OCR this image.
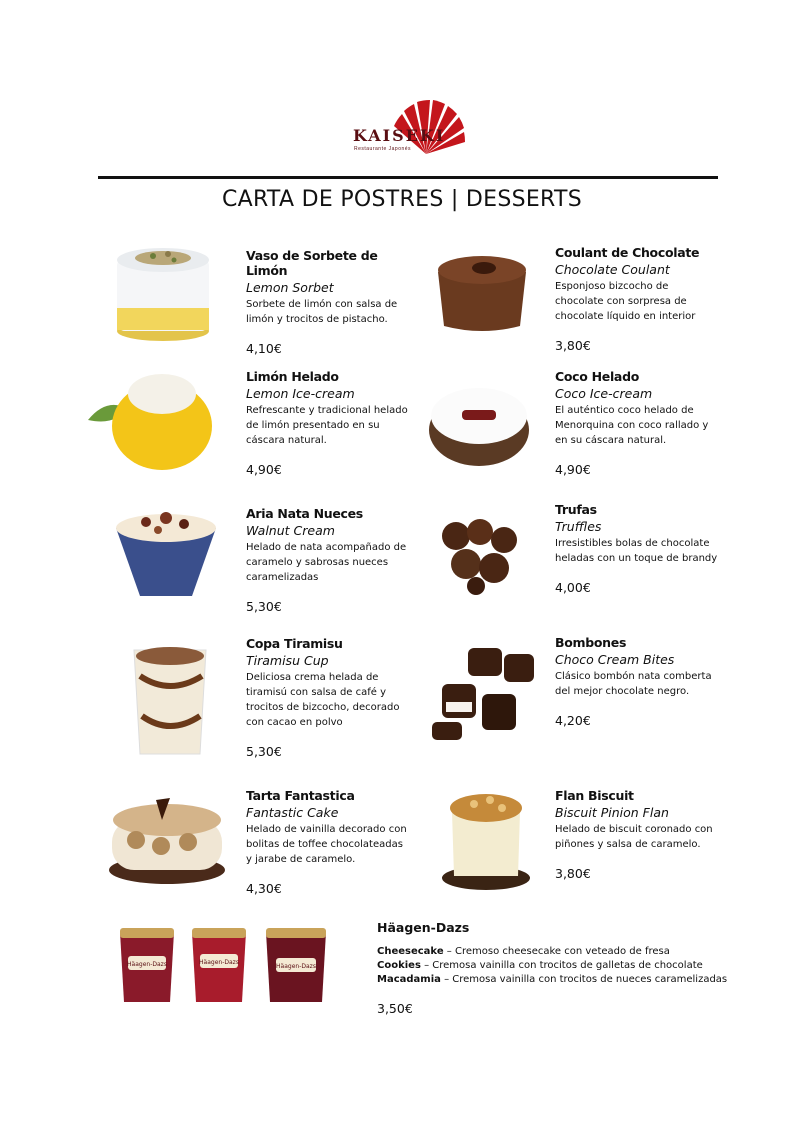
KAISEKI
Restaurante Japonés
CARTA DE POSTRES | DESSERTS
Häagen-Dazs	Häagen-Dazs
Häagen-Dazs
Vaso de Sorbete de Limón
Lemon Sorbet
Sorbete de limón con salsa de limón y trocitos de pistacho.
4,10€
Coulant de Chocolate
Chocolate Coulant
Esponjoso bizcocho de chocolate con sorpresa de chocolate líquido en interior
3,80€
Limón Helado
Lemon Ice-cream
Refrescante y tradicional helado de limón presentado en su cáscara natural.
4,90€
Coco Helado
Coco Ice-cream
El auténtico coco helado de Menorquina con coco rallado y en su cáscara natural.
4,90€
Aria Nata Nueces
Walnut Cream
Helado de nata acompañado de caramelo y sabrosas nueces caramelizadas
5,30€
Trufas
Truffles
Irresistibles bolas de chocolate heladas con un toque de brandy
4,00€
Copa Tiramisu
Tiramisu Cup
Deliciosa crema helada de tiramisú con salsa de café y trocitos de bizcocho, decorado con cacao en polvo
5,30€
Bombones
Choco Cream Bites
Clásico bombón nata comberta del mejor chocolate negro.
4,20€
Tarta Fantastica
Fantastic Cake
Helado de vainilla decorado con bolitas de toffee chocolateadas y jarabe de caramelo.
4,30€
Flan Biscuit
Biscuit Pinion Flan
Helado de biscuit coronado con piñones y salsa de caramelo.
3,80€
Häagen-Dazs
Cheesecake – Cremoso cheesecake con veteado de fresa
Cookies – Cremosa vainilla con trocitos de galletas de chocolate
Macadamia – Cremosa vainilla con trocitos de nueces caramelizadas
3,50€
